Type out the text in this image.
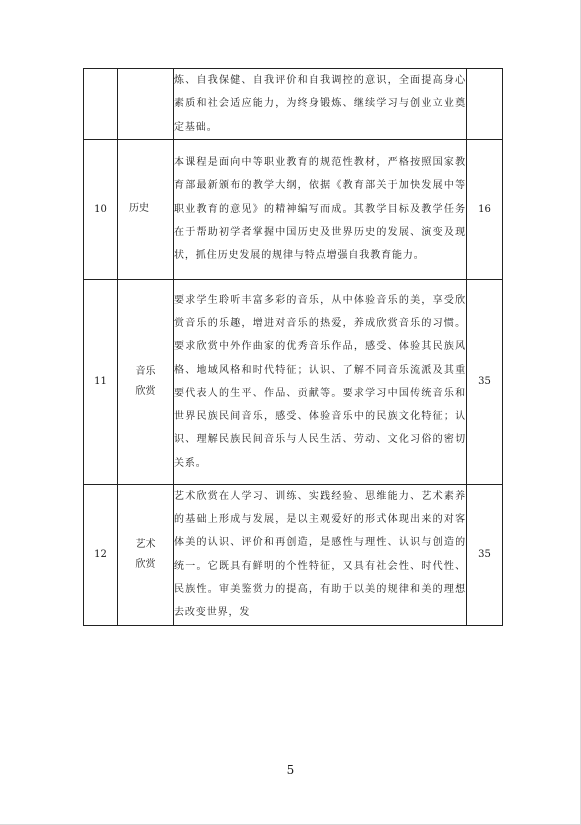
		炼、自我保健、自我评价和自我调控的意识，全面提高身心素质和社会适应能力，为终身锻炼、继续学习与创业立业奠定基础。	
10	历史	本课程是面向中等职业教育的规范性教材，严格按照国家教育部最新颁布的教学大纲，依据《教育部关于加快发展中等职业教育的意见》的精神编写而成。其教学目标及教学任务在于帮助初学者掌握中国历史及世界历史的发展、演变及现状，抓住历史发展的规律与特点增强自我教育能力。	16
11	音乐欣赏	要求学生聆听丰富多彩的音乐，从中体验音乐的美，享受欣赏音乐的乐趣，增进对音乐的热爱，养成欣赏音乐的习惯。要求欣赏中外作曲家的优秀音乐作品，感受、体验其民族风格、地域风格和时代特征；认识、了解不同音乐流派及其重要代表人的生平、作品、贡献等。要求学习中国传统音乐和世界民族民间音乐，感受、体验音乐中的民族文化特征；认识、理解民族民间音乐与人民生活、劳动、文化习俗的密切关系。	35
12	艺术欣赏	艺术欣赏在人学习、训练、实践经验、思维能力、艺术素养的基础上形成与发展，是以主观爱好的形式体现出来的对客体美的认识、评价和再创造，是感性与理性、认识与创造的统一。它既具有鲜明的个性特征，又具有社会性、时代性、民族性。审美鉴赏力的提高，有助于以美的规律和美的理想去改变世界，发	35
5
